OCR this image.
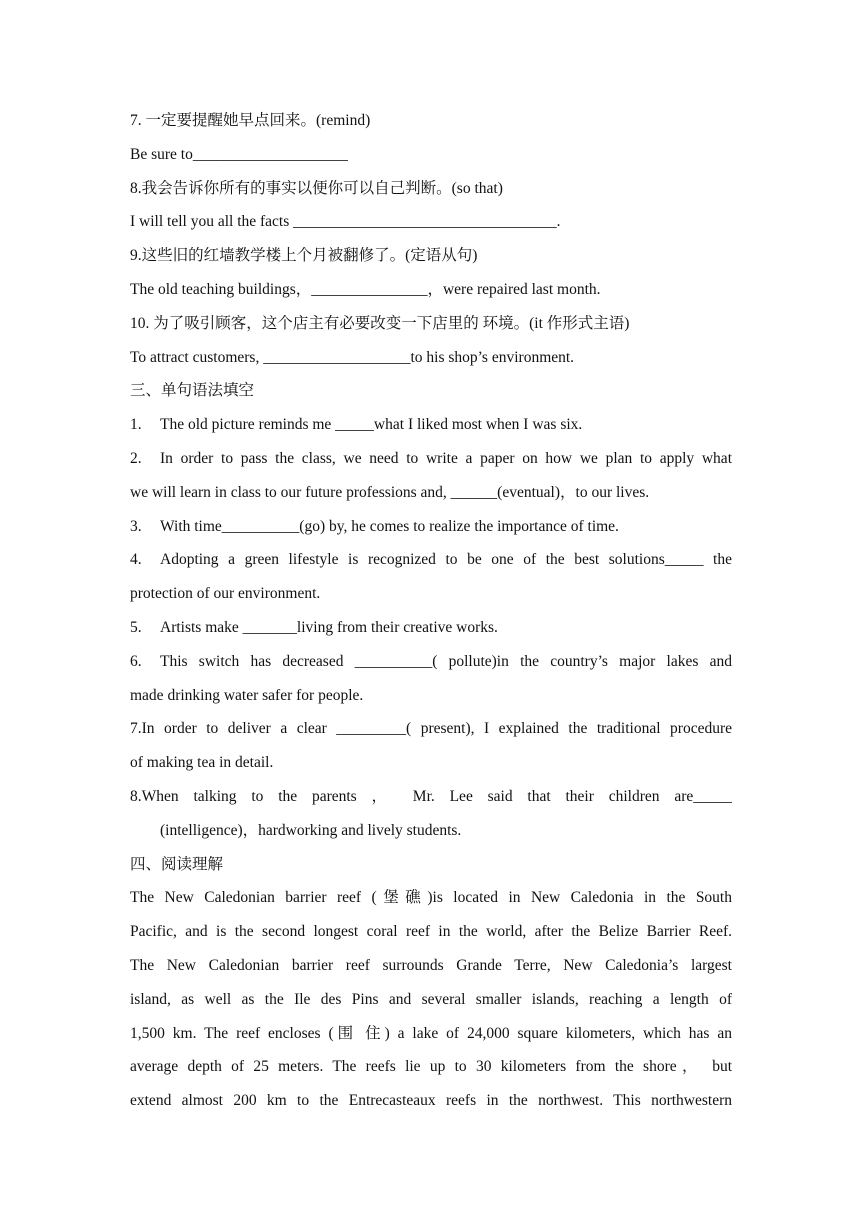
7. 一定要提醒她早点回来。(remind)
Be sure to____________________
8.我会告诉你所有的事实以便你可以自己判断。(so that)
I will tell you all the facts __________________________________.
9.这些旧的红墙教学楼上个月被翻修了。(定语从句)
The old teaching buildings，_______________，were repaired last month.
10. 为了吸引顾客，这个店主有必要改变一下店里的 环境。(it 作形式主语)
To attract customers, ___________________to his shop’s environment.
三、单句语法填空
1. The old picture reminds me _____what I liked most when I was six.
2. In order to pass the class, we need to write a paper on how we plan to apply what
we will learn in class to our future professions and, ______(eventual)，to our lives.
3. With time__________(go) by, he comes to realize the importance of time.
4. Adopting a green lifestyle is recognized to be one of the best solutions_____ the
protection of our environment.
5. Artists make _______living from their creative works.
6. This switch has decreased __________( pollute)in the country’s major lakes and
made drinking water safer for people.
7.In order to deliver a clear _________( present), I explained the traditional procedure
of making tea in detail.
8.When talking to the parents ， Mr. Lee said that their children are_____
(intelligence)，hardworking and lively students.
四、阅读理解
The New Caledonian barrier reef (堡礁)is located in New Caledonia in the South
Pacific, and is the second longest coral reef in the world, after the Belize Barrier Reef.
The New Caledonian barrier reef surrounds Grande Terre, New Caledonia’s largest
island, as well as the Ile des Pins and several smaller islands, reaching a length of
1,500 km. The reef encloses (围 住) a lake of 24,000 square kilometers, which has an
average depth of 25 meters. The reefs lie up to 30 kilometers from the shore， but
extend almost 200 km to the Entrecasteaux reefs in the northwest. This northwestern
